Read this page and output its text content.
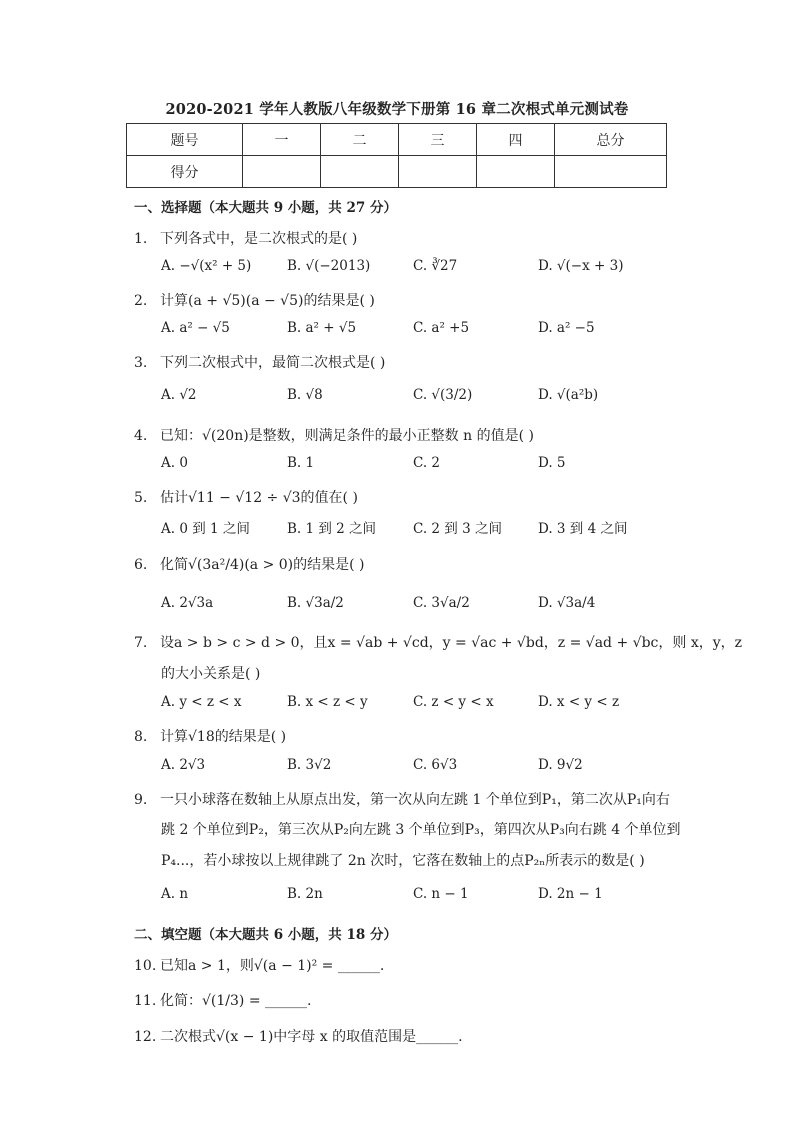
2020-2021 学年人教版八年级数学下册第 16 章二次根式单元测试卷
题号	一	二	三	四	总分
得分					
一、选择题（本大题共 9 小题，共 27 分）
1. 下列各式中，是二次根式的是( )
A. −√(x² + 5)	B. √(−2013)	C. ∛27	D. √(−x + 3)
2. 计算(a + √5)(a − √5)的结果是( )
A. a² − √5	B. a² + √5	C. a² +5	D. a² −5
3. 下列二次根式中，最简二次根式是( )
A. √2	B. √8	C. √(3/2)	D. √(a²b)
4. 已知：√(20n)是整数，则满足条件的最小正整数 n 的值是( )
A. 0	B. 1	C. 2	D. 5
5. 估计√11 − √12 ÷ √3的值在( )
A. 0 到 1 之间	B. 1 到 2 之间	C. 2 到 3 之间	D. 3 到 4 之间
6. 化简√(3a²/4)(a > 0)的结果是( )
A. 2√3a	B. √3a/2	C. 3√a/2	D. √3a/4
7. 设a > b > c > d > 0，且x = √ab + √cd，y = √ac + √bd，z = √ad + √bc，则 x，y，z
的大小关系是( )
A. y < z < x	B. x < z < y	C. z < y < x	D. x < y < z
8. 计算√18的结果是( )
A. 2√3	B. 3√2	C. 6√3	D. 9√2
9. 一只小球落在数轴上从原点出发，第一次从向左跳 1 个单位到P₁，第二次从P₁向右
跳 2 个单位到P₂，第三次从P₂向左跳 3 个单位到P₃，第四次从P₃向右跳 4 个单位到
P₄...，若小球按以上规律跳了 2n 次时，它落在数轴上的点P₂ₙ所表示的数是( )
A. n	B. 2n	C. n − 1	D. 2n − 1
二、填空题（本大题共 6 小题，共 18 分）
10. 已知a > 1，则√(a − 1)² = ______.
11. 化简：√(1/3) = ______.
12. 二次根式√(x − 1)中字母 x 的取值范围是______.
